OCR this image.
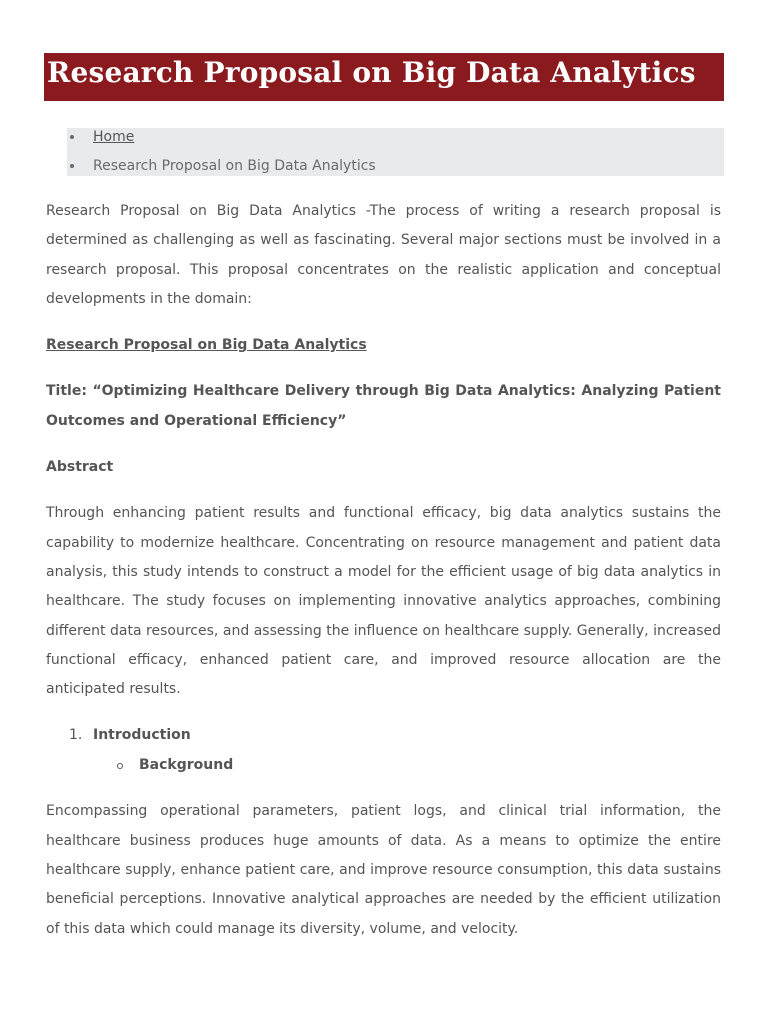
Research Proposal on Big Data Analytics
Home
Research Proposal on Big Data Analytics

Research Proposal on Big Data Analytics -The process of writing a research proposal is determined as challenging as well as fascinating. Several major sections must be involved in a research proposal. This proposal concentrates on the realistic application and conceptual developments in the domain:

Research Proposal on Big Data Analytics

Title: “Optimizing Healthcare Delivery through Big Data Analytics: Analyzing Patient Outcomes and Operational Efficiency”

Abstract

Through enhancing patient results and functional efficacy, big data analytics sustains the capability to modernize healthcare. Concentrating on resource management and patient data analysis, this study intends to construct a model for the efficient usage of big data analytics in healthcare. The study focuses on implementing innovative analytics approaches, combining different data resources, and assessing the influence on healthcare supply. Generally, increased functional efficacy, enhanced patient care, and improved resource allocation are the anticipated results.

1. Introduction
Background

Encompassing operational parameters, patient logs, and clinical trial information, the healthcare business produces huge amounts of data. As a means to optimize the entire healthcare supply, enhance patient care, and improve resource consumption, this data sustains beneficial perceptions. Innovative analytical approaches are needed by the efficient utilization of this data which could manage its diversity, volume, and velocity.
